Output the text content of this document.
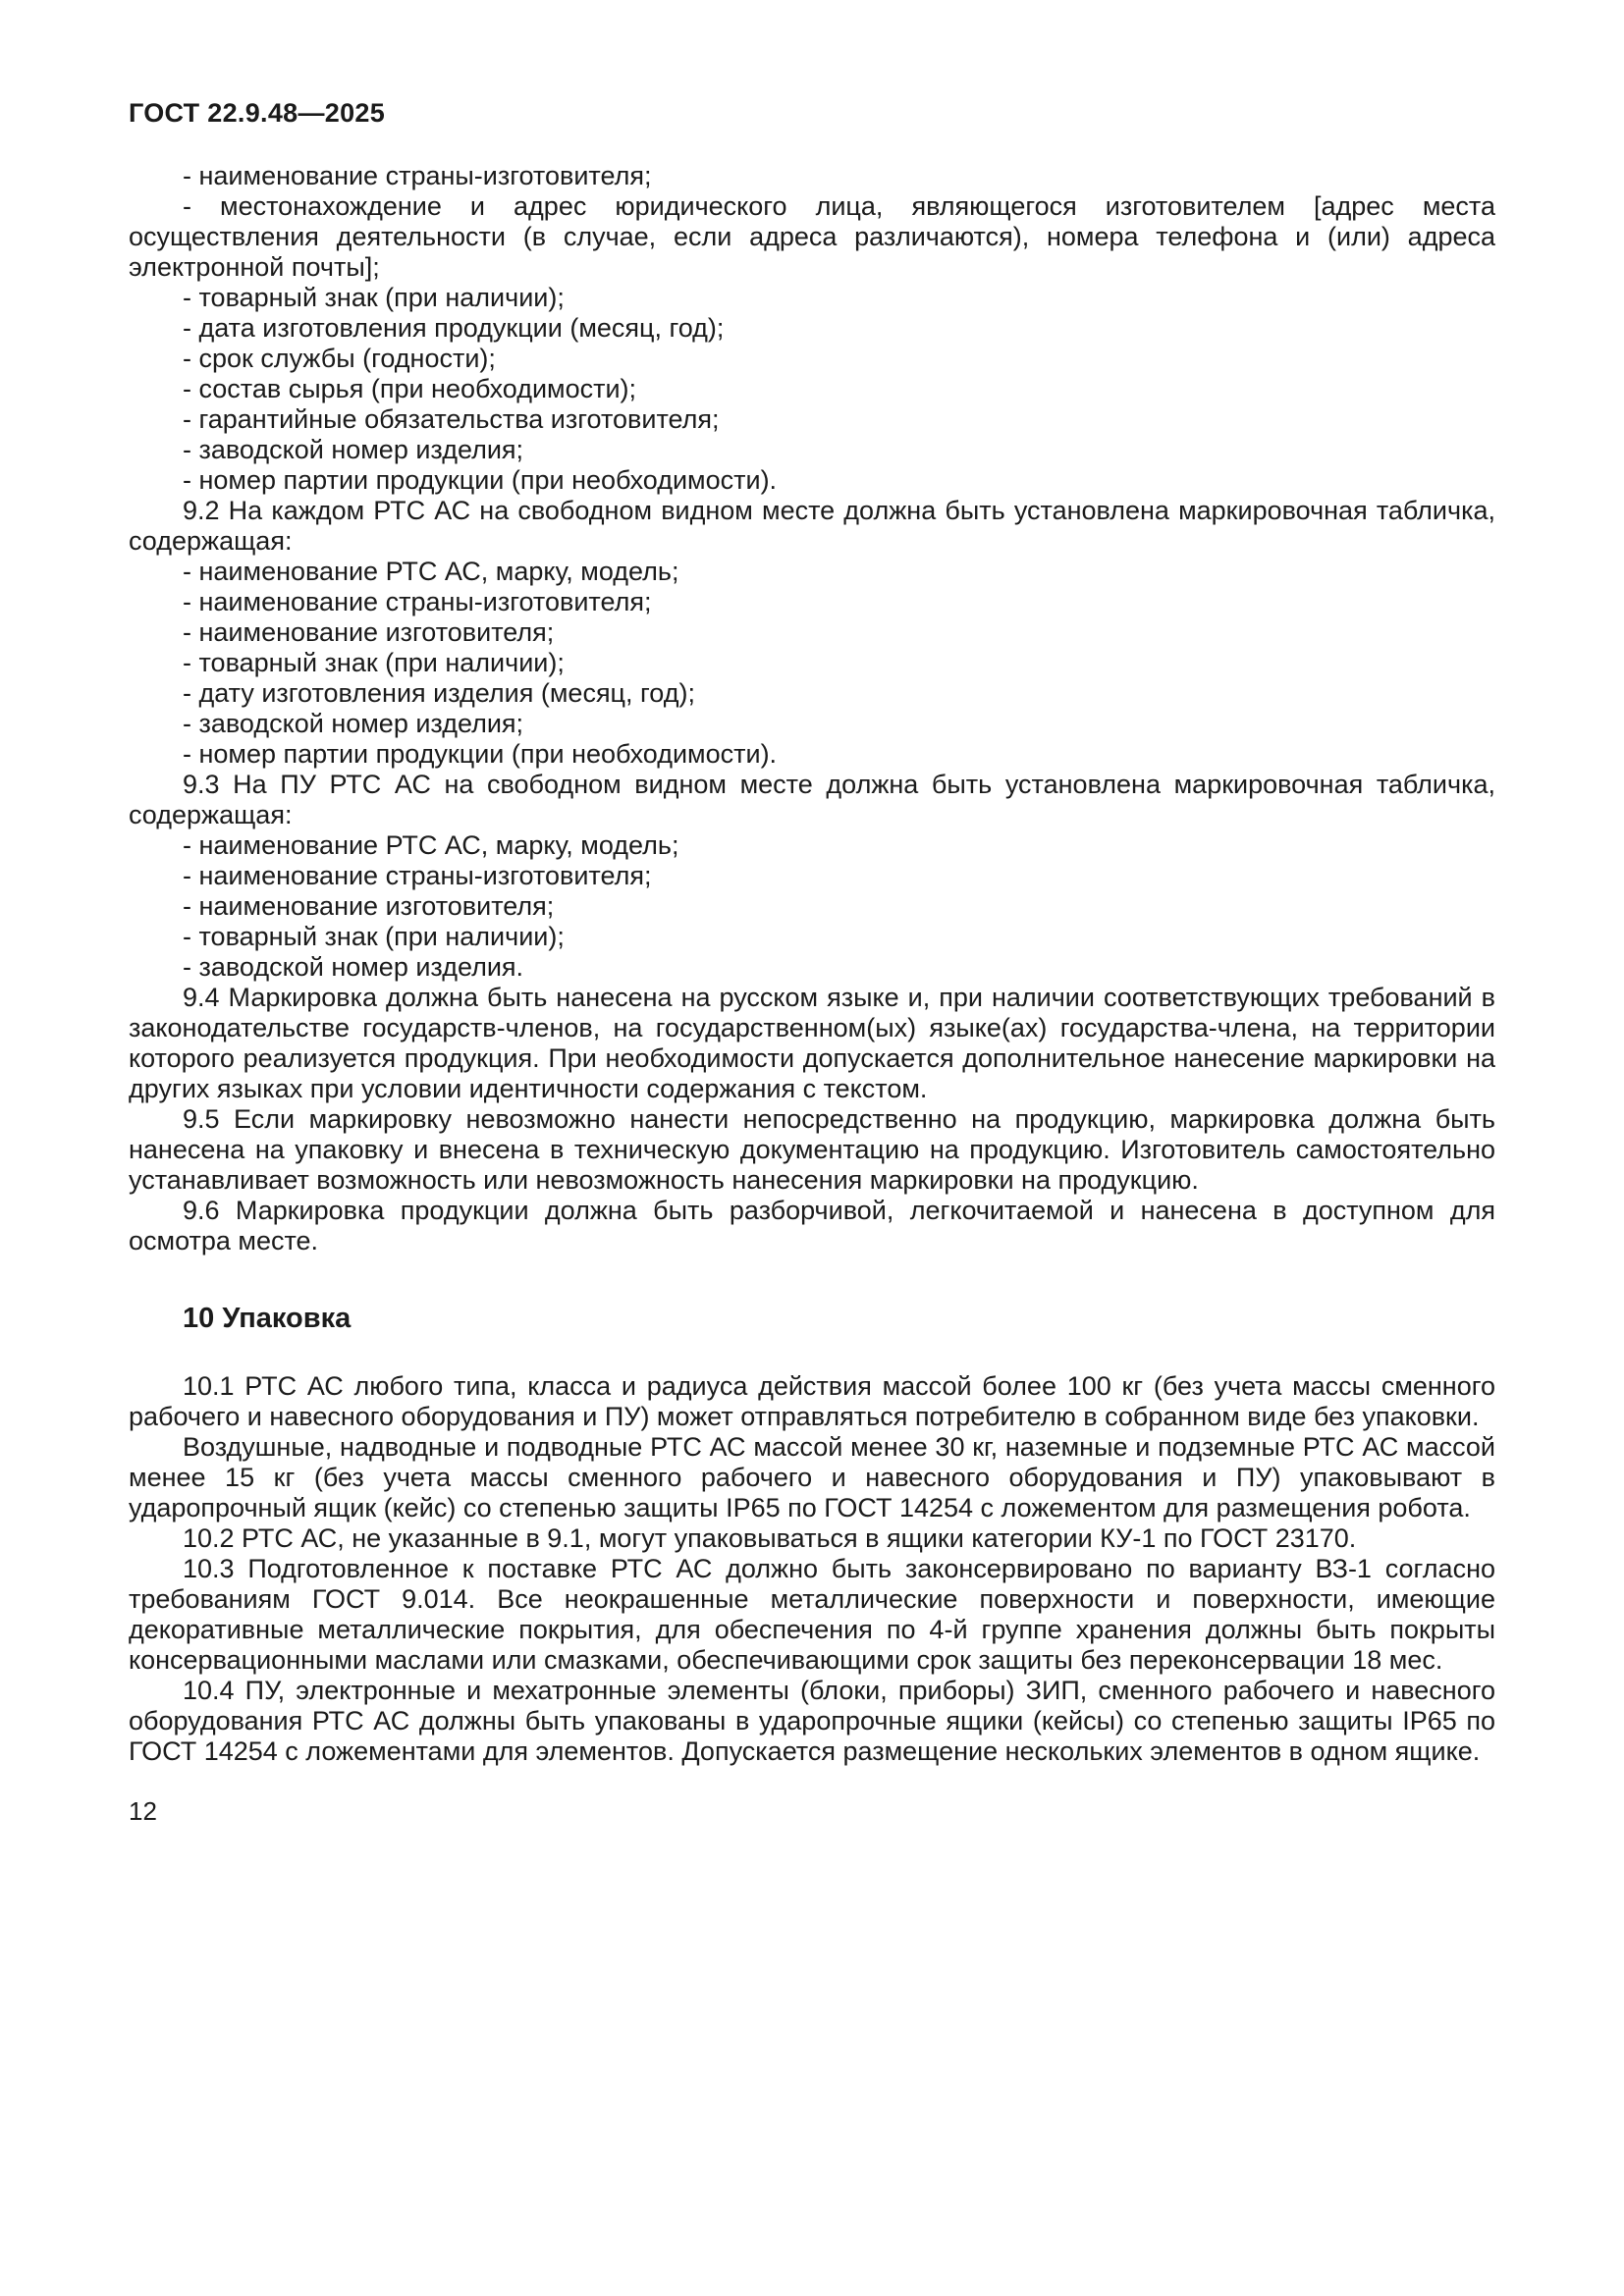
ГОСТ 22.9.48—2025

- наименование страны-изготовителя;

- местонахождение и адрес юридического лица, являющегося изготовителем [адрес места осуществления деятельности (в случае, если адреса различаются), номера телефона и (или) адреса электронной почты];

- товарный знак (при наличии);

- дата изготовления продукции (месяц, год);

- срок службы (годности);

- состав сырья (при необходимости);

- гарантийные обязательства изготовителя;

- заводской номер изделия;

- номер партии продукции (при необходимости).

9.2 На каждом РТС АС на свободном видном месте должна быть установлена маркировочная табличка, содержащая:

- наименование РТС АС, марку, модель;

- наименование страны-изготовителя;

- наименование изготовителя;

- товарный знак (при наличии);

- дату изготовления изделия (месяц, год);

- заводской номер изделия;

- номер партии продукции (при необходимости).

9.3 На ПУ РТС АС на свободном видном месте должна быть установлена маркировочная табличка, содержащая:

- наименование РТС АС, марку, модель;

- наименование страны-изготовителя;

- наименование изготовителя;

- товарный знак (при наличии);

- заводской номер изделия.

9.4 Маркировка должна быть нанесена на русском языке и, при наличии соответствующих требований в законодательстве государств-членов, на государственном(ых) языке(ах) государства-члена, на территории которого реализуется продукция. При необходимости допускается дополнительное нанесение маркировки на других языках при условии идентичности содержания с текстом.

9.5 Если маркировку невозможно нанести непосредственно на продукцию, маркировка должна быть нанесена на упаковку и внесена в техническую документацию на продукцию. Изготовитель самостоятельно устанавливает возможность или невозможность нанесения маркировки на продукцию.

9.6 Маркировка продукции должна быть разборчивой, легкочитаемой и нанесена в доступном для осмотра месте.

10 Упаковка

10.1 РТС АС любого типа, класса и радиуса действия массой более 100 кг (без учета массы сменного рабочего и навесного оборудования и ПУ) может отправляться потребителю в собранном виде без упаковки.

Воздушные, надводные и подводные РТС АС массой менее 30 кг, наземные и подземные РТС АС массой менее 15 кг (без учета массы сменного рабочего и навесного оборудования и ПУ) упаковывают в ударопрочный ящик (кейс) со степенью защиты IP65 по ГОСТ 14254 с ложементом для размещения робота.

10.2 РТС АС, не указанные в 9.1, могут упаковываться в ящики категории КУ-1 по ГОСТ 23170.

10.3 Подготовленное к поставке РТС АС должно быть законсервировано по варианту ВЗ-1 согласно требованиям ГОСТ 9.014. Все неокрашенные металлические поверхности и поверхности, имеющие декоративные металлические покрытия, для обеспечения по 4-й группе хранения должны быть покрыты консервационными маслами или смазками, обеспечивающими срок защиты без переконсервации 18 мес.

10.4 ПУ, электронные и мехатронные элементы (блоки, приборы) ЗИП, сменного рабочего и навесного оборудования РТС АС должны быть упакованы в ударопрочные ящики (кейсы) со степенью защиты IP65 по ГОСТ 14254 с ложементами для элементов. Допускается размещение нескольких элементов в одном ящике.

12
